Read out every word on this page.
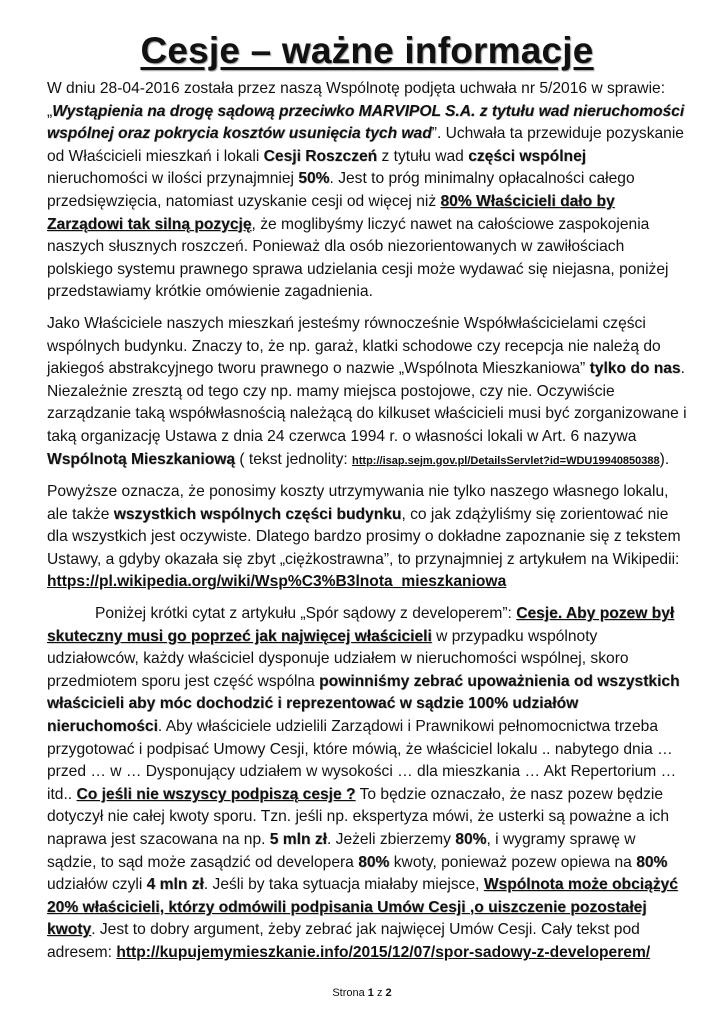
Cesje – ważne informacje

W dniu 28-04-2016 została przez naszą Wspólnotę podjęta uchwała nr 5/2016 w sprawie: „Wystąpienia na drogę sądową przeciwko MARVIPOL S.A. z tytułu wad nieruchomości wspólnej oraz pokrycia kosztów usunięcia tych wad”. Uchwała ta przewiduje pozyskanie od Właścicieli mieszkań i lokali Cesji Roszczeń z tytułu wad części wspólnej nieruchomości w ilości przynajmniej 50%. Jest to próg minimalny opłacalności całego przedsięwzięcia, natomiast uzyskanie cesji od więcej niż 80% Właścicieli dało by Zarządowi tak silną pozycję, że moglibyśmy liczyć nawet na całościowe zaspokojenia naszych słusznych roszczeń. Ponieważ dla osób niezorientowanych w zawiłościach polskiego systemu prawnego sprawa udzielania cesji może wydawać się niejasna, poniżej przedstawiamy krótkie omówienie zagadnienia.

Jako Właściciele naszych mieszkań jesteśmy równocześnie Współwłaścicielami części wspólnych budynku. Znaczy to, że np. garaż, klatki schodowe czy recepcja nie należą do jakiegoś abstrakcyjnego tworu prawnego o nazwie „Wspólnota Mieszkaniowa” tylko do nas. Niezależnie zresztą od tego czy np. mamy miejsca postojowe, czy nie. Oczywiście zarządzanie taką współwłasnością należącą do kilkuset właścicieli musi być zorganizowane i taką organizację Ustawa z dnia 24 czerwca 1994 r. o własności lokali w Art. 6 nazywa Wspólnotą Mieszkaniową ( tekst jednolity: http://isap.sejm.gov.pl/DetailsServlet?id=WDU19940850388).

Powyższe oznacza, że ponosimy koszty utrzymywania nie tylko naszego własnego lokalu, ale także wszystkich wspólnych części budynku, co jak zdążyliśmy się zorientować nie dla wszystkich jest oczywiste. Dlatego bardzo prosimy o dokładne zapoznanie się z tekstem Ustawy, a gdyby okazała się zbyt „ciężkostrawna”, to przynajmniej z artykułem na Wikipedii: https://pl.wikipedia.org/wiki/Wsp%C3%B3lnota_mieszkaniowa

Poniżej krótki cytat z artykułu „Spór sądowy z developerem”: Cesje. Aby pozew był skuteczny musi go poprzeć jak najwięcej właścicieli w przypadku wspólnoty udziałowców, każdy właściciel dysponuje udziałem w nieruchomości wspólnej, skoro przedmiotem sporu jest część wspólna powinniśmy zebrać upoważnienia od wszystkich właścicieli aby móc dochodzić i reprezentować w sądzie 100% udziałów nieruchomości. Aby właściciele udzielili Zarządowi i Prawnikowi pełnomocnictwa trzeba przygotować i podpisać Umowy Cesji, które mówią, że właściciel lokalu .. nabytego dnia … przed … w … Dysponujący udziałem w wysokości … dla mieszkania … Akt Repertorium … itd.. Co jeśli nie wszyscy podpiszą cesje ? To będzie oznaczało, że nasz pozew będzie dotyczył nie całej kwoty sporu. Tzn. jeśli np. ekspertyza mówi, że usterki są poważne a ich naprawa jest szacowana na np. 5 mln zł. Jeżeli zbierzemy 80%, i wygramy sprawę w sądzie, to sąd może zasądzić od developera 80% kwoty, ponieważ pozew opiewa na 80% udziałów czyli 4 mln zł. Jeśli by taka sytuacja miałaby miejsce, Wspólnota może obciążyć 20% właścicieli, którzy odmówili podpisania Umów Cesji ,o uiszczenie pozostałej kwoty. Jest to dobry argument, żeby zebrać jak najwięcej Umów Cesji. Cały tekst pod adresem: http://kupujemymieszkanie.info/2015/12/07/spor-sadowy-z-developerem/

Strona 1 z 2
